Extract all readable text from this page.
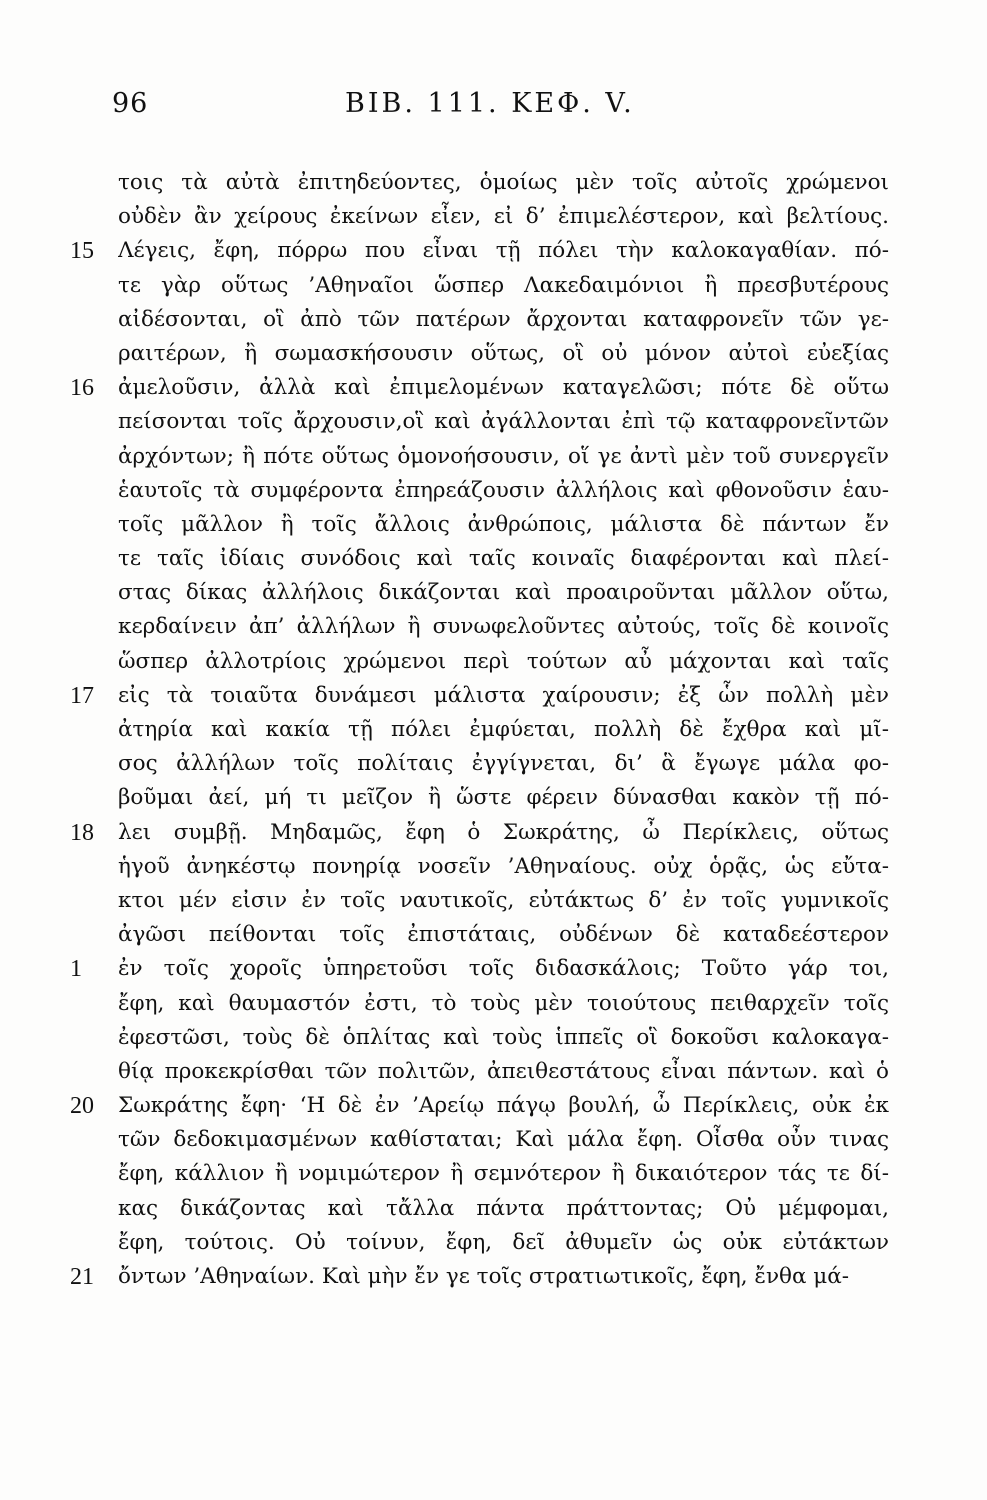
96	ΒΙΒ. 111. ΚΕΦ. V.
τοις τὰ αὐτὰ ἐπιτηδεύοντες, ὁμοίως μὲν τοῖς αὐτοῖς χρώμενοι
οὐδὲν ἂν χείρους ἐκείνων εἶεν, εἰ δ’ ἐπιμελέστερον, καὶ βελτίους.
15	Λέγεις, ἔφη, πόρρω που εἶναι τῇ πόλει τὴν καλοκαγαθίαν. πό-
τε γὰρ οὕτως ’Αθηναῖοι ὥσπερ Λακεδαιμόνιοι ἢ πρεσβυτέρους
αἰδέσονται, οἳ ἀπὸ τῶν πατέρων ἄρχονται καταφρονεῖν τῶν γε-
ραιτέρων, ἢ σωμασκήσουσιν οὕτως, οἳ οὐ μόνον αὐτοὶ εὐεξίας
16	ἀμελοῦσιν, ἀλλὰ καὶ ἐπιμελομένων καταγελῶσι; πότε δὲ οὕτω
πείσονται τοῖς ἄρχουσιν,οἳ καὶ ἀγάλλονται ἐπὶ τῷ καταφρονεῖντῶν
ἀρχόντων; ἢ πότε οὕτως ὁμονοήσουσιν, οἵ γε ἀντὶ μὲν τοῦ συνεργεῖν
ἑαυτοῖς τὰ συμφέροντα ἐπηρεάζουσιν ἀλλήλοις καὶ φθονοῦσιν ἑαυ-
τοῖς μᾶλλον ἢ τοῖς ἄλλοις ἀνθρώποις, μάλιστα δὲ πάντων ἔν
τε ταῖς ἰδίαις συνόδοις καὶ ταῖς κοιναῖς διαφέρονται καὶ πλεί-
στας δίκας ἀλλήλοις δικάζονται καὶ προαιροῦνται μᾶλλον οὕτω,
κερδαίνειν ἀπ’ ἀλλήλων ἢ συνωφελοῦντες αὐτούς, τοῖς δὲ κοινοῖς
ὥσπερ ἀλλοτρίοις χρώμενοι περὶ τούτων αὖ μάχονται καὶ ταῖς
17	εἰς τὰ τοιαῦτα δυνάμεσι μάλιστα χαίρουσιν; ἐξ ὧν πολλὴ μὲν
ἀτηρία καὶ κακία τῇ πόλει ἐμφύεται, πολλὴ δὲ ἔχθρα καὶ μῖ-
σος ἀλλήλων τοῖς πολίταις ἐγγίγνεται, δι’ ἃ ἔγωγε μάλα φο-
βοῦμαι ἀεί, μή τι μεῖζον ἢ ὥστε φέρειν δύνασθαι κακὸν τῇ πό-
18	λει συμβῇ. Μηδαμῶς, ἔφη ὁ Σωκράτης, ὦ Περίκλεις, οὕτως
ἡγοῦ ἀνηκέστῳ πονηρίᾳ νοσεῖν ’Αθηναίους. οὐχ ὁρᾷς, ὡς εὔτα-
κτοι μέν εἰσιν ἐν τοῖς ναυτικοῖς, εὐτάκτως δ’ ἐν τοῖς γυμνικοῖς
ἀγῶσι πείθονται τοῖς ἐπιστάταις, οὐδένων δὲ καταδεέστερον
1	ἐν τοῖς χοροῖς ὑπηρετοῦσι τοῖς διδασκάλοις; Τοῦτο γάρ τοι,
ἔφη, καὶ θαυμαστόν ἐστι, τὸ τοὺς μὲν τοιούτους πειθαρχεῖν τοῖς
ἐφεστῶσι, τοὺς δὲ ὁπλίτας καὶ τοὺς ἱππεῖς οἳ δοκοῦσι καλοκαγα-
θίᾳ προκεκρίσθαι τῶν πολιτῶν, ἀπειθεστάτους εἶναι πάντων. καὶ ὁ
20	Σωκράτης ἔφη· ‘Η δὲ ἐν ’Αρείῳ πάγῳ βουλή, ὦ Περίκλεις, οὐκ ἐκ
τῶν δεδοκιμασμένων καθίσταται; Καὶ μάλα ἔφη. Οἶσθα οὖν τινας
ἔφη, κάλλιον ἢ νομιμώτερον ἢ σεμνότερον ἢ δικαιότερον τάς τε δί-
κας δικάζοντας καὶ τἄλλα πάντα πράττοντας; Οὐ μέμφομαι,
ἔφη, τούτοις. Οὐ τοίνυν, ἔφη, δεῖ ἀθυμεῖν ὡς οὐκ εὐτάκτων
21	ὄντων ’Αθηναίων. Καὶ μὴν ἔν γε τοῖς στρατιωτικοῖς, ἔφη, ἔνθα μά-
